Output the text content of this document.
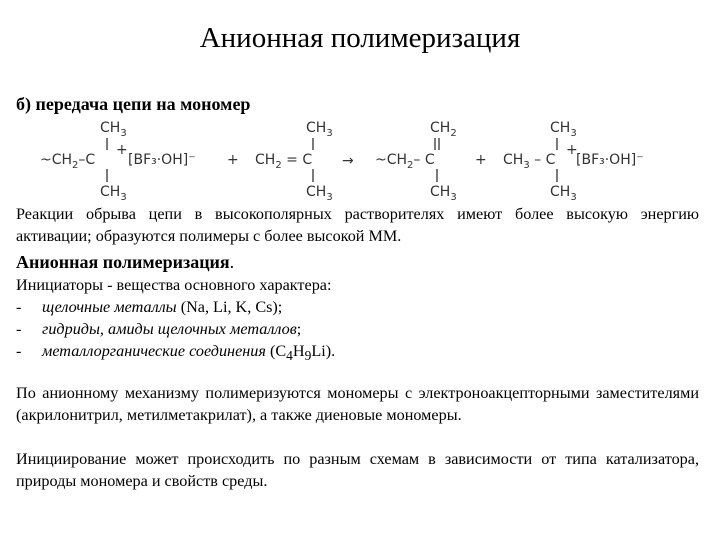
Анионная полимеризация
б) передача цепи на мономер
$CH_3$
$\sim CH_2-C$
+
[BF₃·OH]⁻
$CH_3$
+
$CH_3$
$CH_2 = C$
$CH_3$
→
$CH_2$
$\sim CH_2-$ C
$CH_3$
+
$CH_3$
$CH_3$ – C
+
[BF₃·OH]⁻
$CH_3$
Реакции обрыва цепи в высокополярных растворителях имеют более высокую энергию активации; образуются полимеры с более высокой ММ.
Анионная полимеризация.
Инициаторы - вещества основного характера:
-	щелочные металлы (Na, Li, K, Cs);
-	гидриды, амиды щелочных металлов;
-	металлорганические соединения $(C_4H_9Li)$.
По анионному механизму полимеризуются мономеры с электроноакцепторными заместителями (акрилонитрил, метилметакрилат), а также диеновые мономеры.
Инициирование может происходить по разным схемам в зависимости от типа катализатора, природы мономера и свойств среды.
